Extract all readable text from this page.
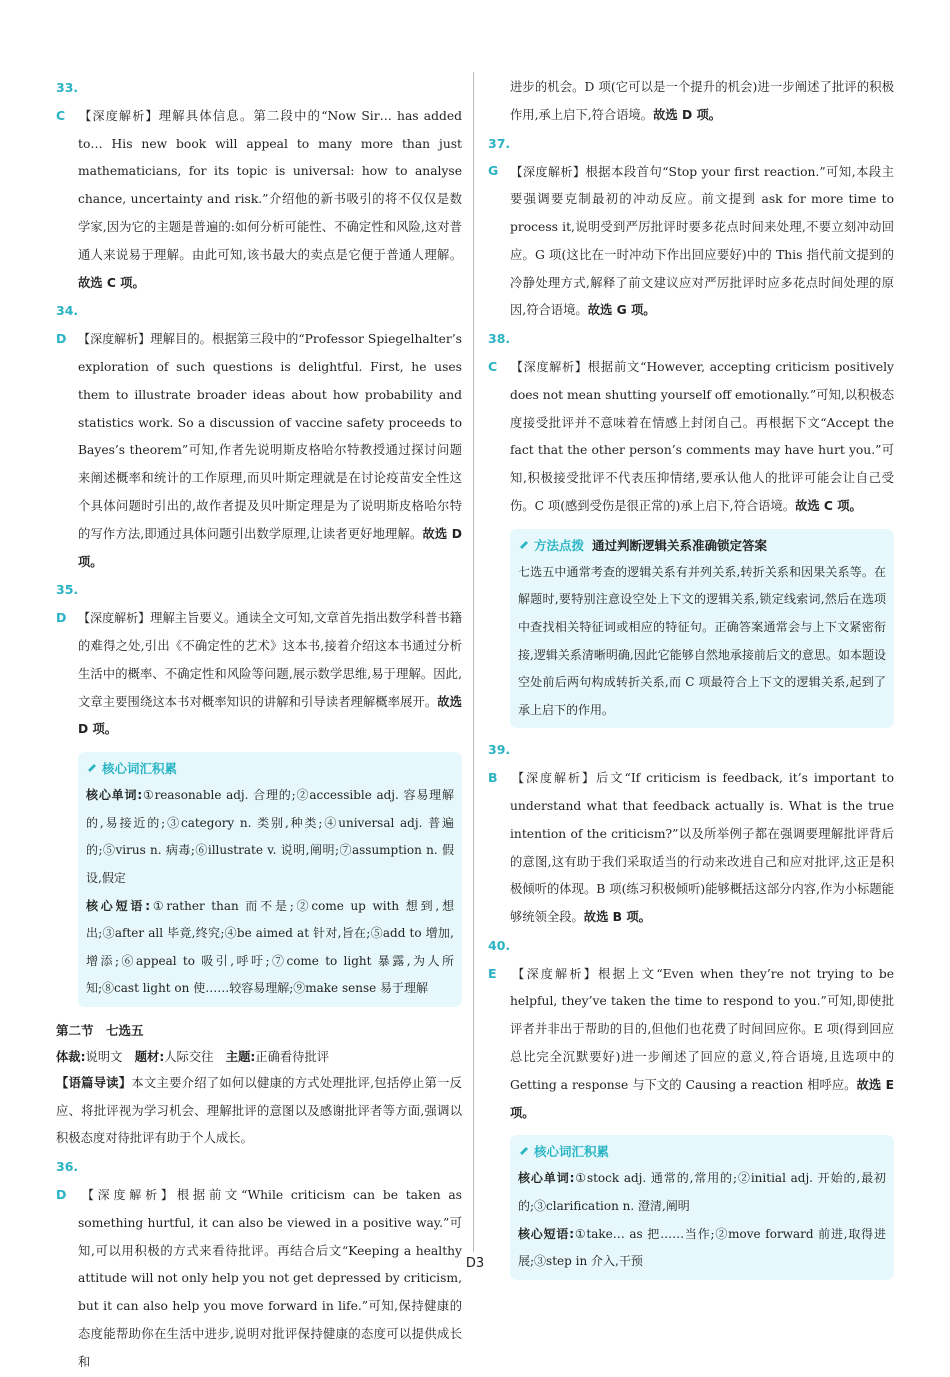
33. C 【深度解析】理解具体信息。第二段中的“Now Sir… has added to… His new book will appeal to many more than just mathematicians, for its topic is universal: how to analyse chance, uncertainty and risk.”介绍他的新书吸引的将不仅仅是数学家,因为它的主题是普遍的:如何分析可能性、不确定性和风险,这对普通人来说易于理解。由此可知,该书最大的卖点是它便于普通人理解。故选 C 项。

34. D 【深度解析】理解目的。根据第三段中的“Professor Spiegelhalter’s exploration of such questions is delightful. First, he uses them to illustrate broader ideas about how probability and statistics work. So a discussion of vaccine safety proceeds to Bayes’s theorem”可知,作者先说明斯皮格哈尔特教授通过探讨问题来阐述概率和统计的工作原理,而贝叶斯定理就是在讨论疫苗安全性这个具体问题时引出的,故作者提及贝叶斯定理是为了说明斯皮格哈尔特的写作方法,即通过具体问题引出数学原理,让读者更好地理解。故选 D 项。

35. D 【深度解析】理解主旨要义。通读全文可知,文章首先指出数学科普书籍的难得之处,引出《不确定性的艺术》这本书,接着介绍这本书通过分析生活中的概率、不确定性和风险等问题,展示数学思维,易于理解。因此,文章主要围绕这本书对概率知识的讲解和引导读者理解概率展开。故选 D 项。

核心词汇积累

核心单词:①reasonable adj. 合理的;②accessible adj. 容易理解的,易接近的;③category n. 类别,种类;④universal adj. 普遍的;⑤virus n. 病毒;⑥illustrate v. 说明,阐明;⑦assumption n. 假设,假定

核心短语:①rather than 而不是;②come up with 想到,想出;③after all 毕竟,终究;④be aimed at 针对,旨在;⑤add to 增加,增添;⑥appeal to 吸引,呼吁;⑦come to light 暴露,为人所知;⑧cast light on 使……较容易理解;⑨make sense 易于理解

第二节　七选五

体裁:说明文　 题材:人际交往　 主题:正确看待批评

【语篇导读】本文主要介绍了如何以健康的方式处理批评,包括停止第一反应、将批评视为学习机会、理解批评的意图以及感谢批评者等方面,强调以积极态度对待批评有助于个人成长。

36. D 【深度解析】根据前文“While criticism can be taken as something hurtful, it can also be viewed in a positive way.”可知,可以用积极的方式来看待批评。再结合后文“Keeping a healthy attitude will not only help you not get depressed by criticism, but it can also help you move forward in life.”可知,保持健康的态度能帮助你在生活中进步,说明对批评保持健康的态度可以提供成长和

进步的机会。D 项(它可以是一个提升的机会)进一步阐述了批评的积极作用,承上启下,符合语境。故选 D 项。

37. G 【深度解析】根据本段首句“Stop your first reaction.”可知,本段主要强调要克制最初的冲动反应。前文提到 ask for more time to process it,说明受到严厉批评时要多花点时间来处理,不要立刻冲动回应。G 项(这比在一时冲动下作出回应要好)中的 This 指代前文提到的冷静处理方式,解释了前文建议应对严厉批评时应多花点时间处理的原因,符合语境。故选 G 项。

38. C 【深度解析】根据前文“However, accepting criticism positively does not mean shutting yourself off emotionally.”可知,以积极态度接受批评并不意味着在情感上封闭自己。再根据下文“Accept the fact that the other person’s comments may have hurt you.”可知,积极接受批评不代表压抑情绪,要承认他人的批评可能会让自己受伤。C 项(感到受伤是很正常的)承上启下,符合语境。故选 C 项。

方法点拨 通过判断逻辑关系准确锁定答案

七选五中通常考查的逻辑关系有并列关系,转折关系和因果关系等。在解题时,要特别注意设空处上下文的逻辑关系,锁定线索词,然后在选项中查找相关特征词或相应的特征句。正确答案通常会与上下文紧密衔接,逻辑关系清晰明确,因此它能够自然地承接前后文的意思。如本题设空处前后两句构成转折关系,而 C 项最符合上下文的逻辑关系,起到了承上启下的作用。

39. B 【深度解析】后文“If criticism is feedback, it’s important to understand what that feedback actually is. What is the true intention of the criticism?”以及所举例子都在强调要理解批评背后的意图,这有助于我们采取适当的行动来改进自己和应对批评,这正是积极倾听的体现。B 项(练习积极倾听)能够概括这部分内容,作为小标题能够统领全段。故选 B 项。

40. E 【深度解析】根据上文“Even when they’re not trying to be helpful, they’ve taken the time to respond to you.”可知,即使批评者并非出于帮助的目的,但他们也花费了时间回应你。E 项(得到回应总比完全沉默要好)进一步阐述了回应的意义,符合语境,且选项中的 Getting a response 与下文的 Causing a reaction 相呼应。故选 E 项。

核心词汇积累

核心单词:①stock adj. 通常的,常用的;②initial adj. 开始的,最初的;③clarification n. 澄清,阐明

核心短语:①take… as 把……当作;②move forward 前进,取得进展;③step in 介入,干预

D3
